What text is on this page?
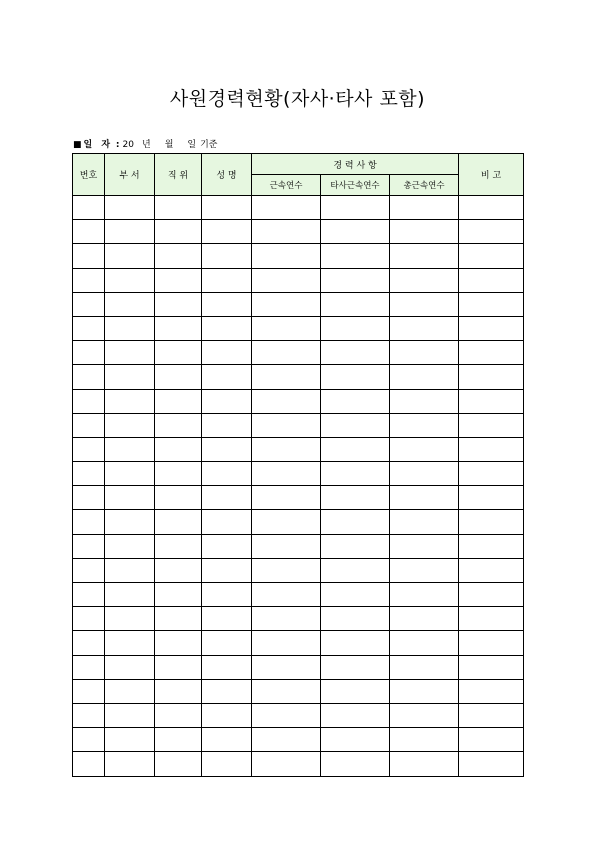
사원경력현황(자사·타사 포함)
■ 일 자 : 20 년 월 일 기준
번호	부 서	직 위	성 명	경 력 사 항			비 고
				근속연수	타사근속연수	총근속연수	
